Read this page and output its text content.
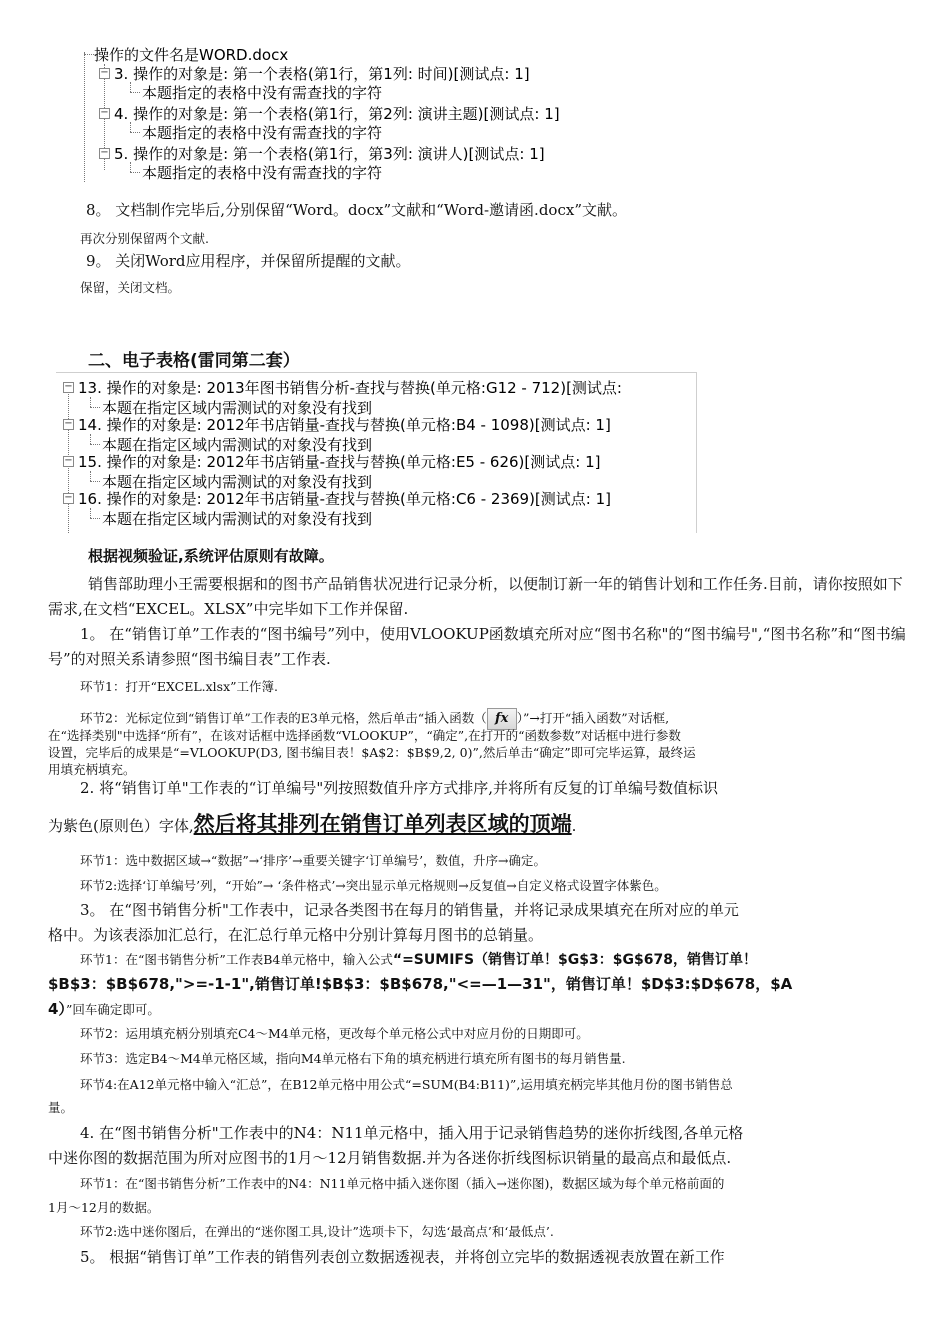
操作的文件名是WORD.docx
− 3. 操作的对象是: 第一个表格(第1行，第1列: 时间)[测试点: 1]
本题指定的表格中没有需查找的字符
− 4. 操作的对象是: 第一个表格(第1行，第2列: 演讲主题)[测试点: 1]
本题指定的表格中没有需查找的字符
− 5. 操作的对象是: 第一个表格(第1行，第3列: 演讲人)[测试点: 1]
本题指定的表格中没有需查找的字符
8。 文档制作完毕后,分别保留“Word。docx”文献和“Word-邀请函.docx”文献。
再次分别保留两个文献.
9。 关闭Word应用程序，并保留所提醒的文献。
保留，关闭文档。
二、电子表格(雷同第二套）
− 13. 操作的对象是: 2013年图书销售分析-查找与替换(单元格:G12 - 712)[测试点:
本题在指定区域内需测试的对象没有找到
− 14. 操作的对象是: 2012年书店销量-查找与替换(单元格:B4 - 1098)[测试点: 1]
本题在指定区域内需测试的对象没有找到
− 15. 操作的对象是: 2012年书店销量-查找与替换(单元格:E5 - 626)[测试点: 1]
本题在指定区域内需测试的对象没有找到
− 16. 操作的对象是: 2012年书店销量-查找与替换(单元格:C6 - 2369)[测试点: 1]
本题在指定区域内需测试的对象没有找到
根据视频验证,系统评估原则有故障。
销售部助理小王需要根据和的图书产品销售状况进行记录分析，以便制订新一年的销售计划和工作任务.目前，请你按照如下需求,在文档“EXCEL。XLSX”中完毕如下工作并保留.
1。 在“销售订单”工作表的“图书编号”列中，使用VLOOKUP函数填充所对应“图书名称"的“图书编号",“图书名称”和“图书编号”的对照关系请参照“图书编目表”工作表.
环节1：打开“EXCEL.xlsx”工作簿.
环节2：光标定位到“销售订单”工作表的E3单元格，然后单击“插入函数（ fx ）”→打开“插入函数”对话框,
在“选择类别"中选择“所有”，在该对话框中选择函数“VLOOKUP”，“确定”,在打开的“函数参数”对话框中进行参数
设置，完毕后的成果是“=VLOOKUP(D3, 图书编目表！$A$2：$B$9,2, 0)”,然后单击“确定”即可完毕运算，最终运
用填充柄填充。
2. 将“销售订单"工作表的“订单编号"列按照数值升序方式排序,并将所有反复的订单编号数值标识
为紫色(原则色）字体,然后将其排列在销售订单列表区域的顶端.
环节1：选中数据区域→“数据”→‘排序’→重要关键字‘订单编号’，数值，升序→确定。
环节2:选择‘订单编号’列，“开始”→ ‘条件格式’→突出显示单元格规则→反复值→自定义格式设置字体紫色。
3。 在“图书销售分析"工作表中，记录各类图书在每月的销售量，并将记录成果填充在所对应的单元
格中。为该表添加汇总行，在汇总行单元格中分别计算每月图书的总销量。
环节1：在“图书销售分析”工作表B4单元格中，输入公式“=SUMIFS（销售订单！$G$3：$G$678，销售订单！
$B$3：$B$678,">=-1-1",销售订单!$B$3：$B$678,"<=—1—31"，销售订单！$D$3:$D$678，$A
4）”回车确定即可。
环节2：运用填充柄分别填充C4～M4单元格，更改每个单元格公式中对应月份的日期即可。
环节3：选定B4～M4单元格区域，指向M4单元格右下角的填充柄进行填充所有图书的每月销售量.
环节4:在A12单元格中输入“汇总”，在B12单元格中用公式“=SUM(B4:B11)”,运用填充柄完毕其他月份的图书销售总
量。
4. 在“图书销售分析"工作表中的N4：N11单元格中，插入用于记录销售趋势的迷你折线图,各单元格
中迷你图的数据范围为所对应图书的1月～12月销售数据.并为各迷你折线图标识销量的最高点和最低点.
环节1：在“图书销售分析”工作表中的N4：N11单元格中插入迷你图（插入→迷你图)，数据区域为每个单元格前面的
1月～12月的数据。
环节2:选中迷你图后，在弹出的“迷你图工具,设计”选项卡下，勾选‘最高点’和‘最低点’.
5。 根据“销售订单”工作表的销售列表创立数据透视表，并将创立完毕的数据透视表放置在新工作
